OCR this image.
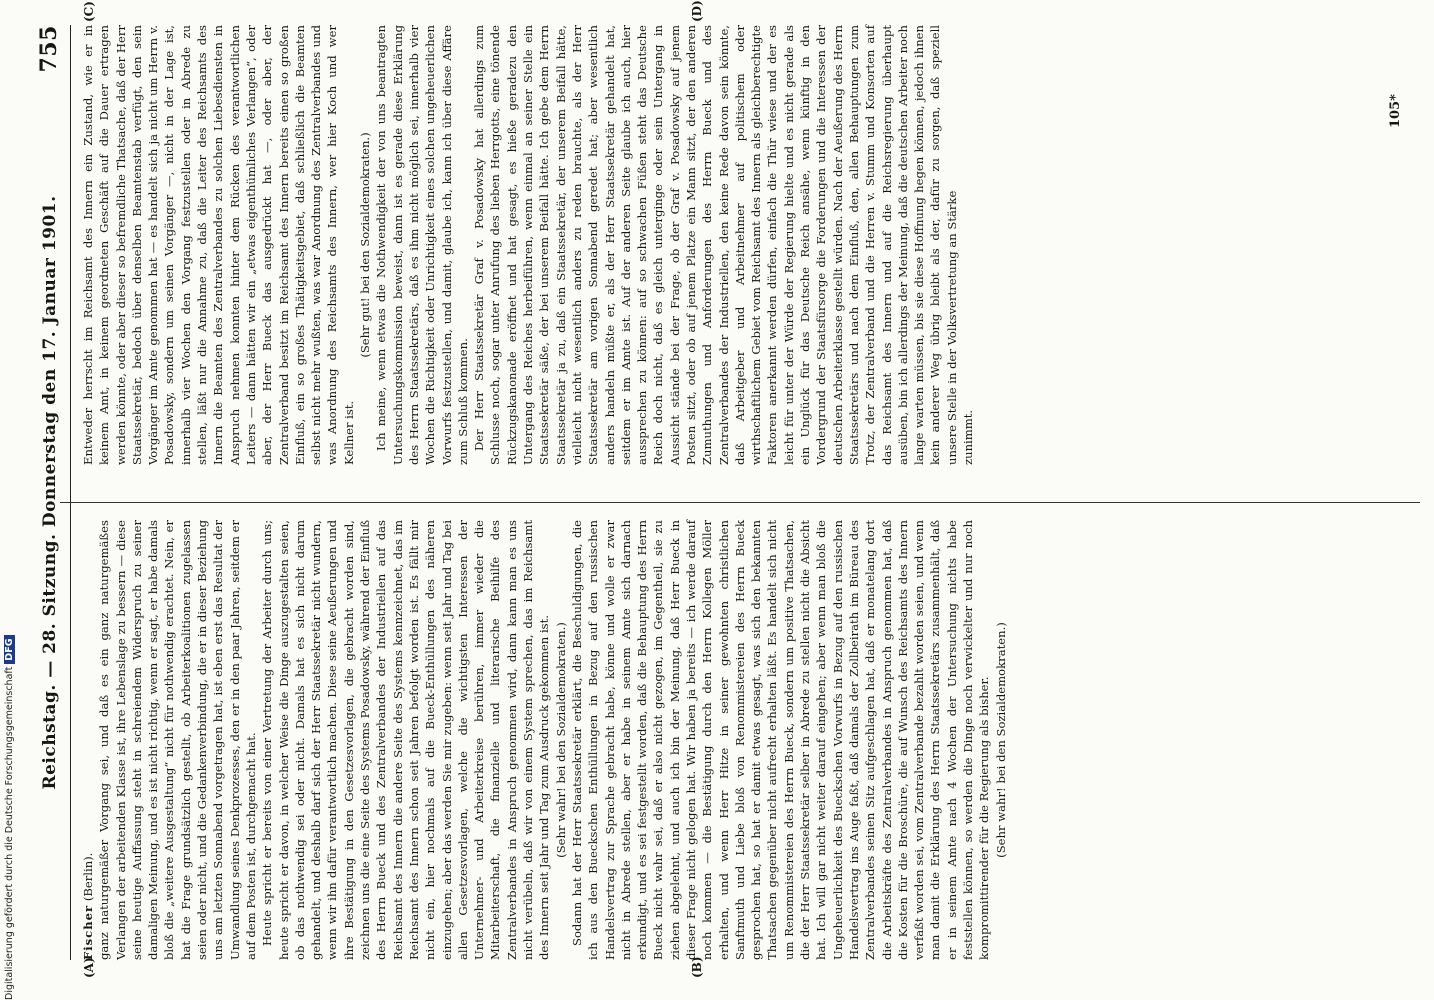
Reichstag. — 28. Sitzung. Donnerstag den 17. Januar 1901.
755
(A)	(B)
(C)	(D)

Fischer (Berlin). ganz naturgemäßer Vorgang sei, und daß es ein ganz naturgemäßes Verlangen der arbeitenden Klasse ist, ihre Lebenslage zu bessern — diese seine heutige Auffassung steht in schreiendem Widerspruch zu seiner damaligen Meinung, und es ist nicht richtig, wenn er sagt, er habe damals bloß die „weitere Ausgestaltung“ nicht für nothwendig erachtet. Nein, er hat die Frage grundsätzlich gestellt, ob Arbeiterkoalitionen zugelassen seien oder nicht, und die Gedankenverbindung, die er in dieser Beziehung uns am letzten Sonnabend vorgetragen hat, ist eben erst das Resultat der Umwandlung seines Denkprozesses, den er in den paar Jahren, seitdem er auf dem Posten ist, durchgemacht hat. Heute spricht er bereits von einer Vertretung der Arbeiter durch uns; heute spricht er davon, in welcher Weise die Dinge auszugestalten seien, ob das nothwendig sei oder nicht. Damals hat es sich nicht darum gehandelt, und deshalb darf sich der Herr Staatssekretär nicht wundern, wenn wir ihn dafür verantwortlich machen. Diese seine Aeußerungen und ihre Bestätigung in den Gesetzesvorlagen, die gebracht worden sind, zeichnen uns die eine Seite des Systems Posadowsky, während der Einfluß des Herrn Bueck und des Zentralverbandes der Industriellen auf das Reichsamt des Innern die andere Seite des Systems kennzeichnet, das im Reichsamt des Innern schon seit Jahren befolgt worden ist. Es fällt mir nicht ein, hier nochmals auf die Bueck-Enthüllungen des näheren einzugehen; aber das werden Sie mir zugeben: wenn seit Jahr und Tag bei allen Gesetzesvorlagen, welche die wichtigsten Interessen der Unternehmer- und Arbeiterkreise berühren, immer wieder die Mitarbeiterschaft, die finanzielle und literarische Beihilfe des Zentralverbandes in Anspruch genommen wird, dann kann man es uns nicht verübeln, daß wir von einem System sprechen, das im Reichsamt des Innern seit Jahr und Tag zum Ausdruck gekommen ist. (Sehr wahr! bei den Sozialdemokraten.) Sodann hat der Herr Staatssekretär erklärt, die Beschuldigungen, die ich aus den Bueckschen Enthüllungen in Bezug auf den russischen Handelsvertrag zur Sprache gebracht habe, könne und wolle er zwar nicht in Abrede stellen, aber er habe in seinem Amte sich darnach erkundigt, und es sei festgestellt worden, daß die Behauptung des Herrn Bueck nicht wahr sei, daß er also nicht gezogen, im Gegentheil, sie zu ziehen abgelehnt, und auch ich bin der Meinung, daß Herr Bueck in dieser Frage nicht gelogen hat. Wir haben ja bereits — ich werde darauf noch kommen — die Bestätigung durch den Herrn Kollegen Möller erhalten, und wenn Herr Hitze in seiner gewohnten christlichen Sanftmuth und Liebe bloß von Renommistereien des Herrn Bueck gesprochen hat, so hat er damit etwas gesagt, was sich den bekannten Thatsachen gegenüber nicht aufrecht erhalten läßt. Es handelt sich nicht um Renommistereien des Herrn Bueck, sondern um positive Thatsachen, die der Herr Staatssekretär selber in Abrede zu stellen nicht die Absicht hat. Ich will gar nicht weiter darauf eingehen; aber wenn man bloß die Ungeheuerlichkeit des Bueckschen Vorwurfs in Bezug auf den russischen Handelsvertrag ins Auge faßt, daß damals der Zollbeirath im Büreau des Zentralverbandes seinen Sitz aufgeschlagen hat, daß er monatelang dort die Arbeitskräfte des Zentralverbandes in Anspruch genommen hat, daß die Kosten für die Broschüre, die auf Wunsch des Reichsamts des Innern verfaßt worden sei, vom Zentralverbande bezahlt worden seien, und wenn man damit die Erklärung des Herrn Staatssekretärs zusammenhält, daß er in seinem Amte nach 4 Wochen der Untersuchung nichts habe feststellen können, so werden die Dinge noch verwickelter und nur noch kompromittirender für die Regierung als bisher. (Sehr wahr! bei den Sozialdemokraten.)

Entweder herrscht im Reichsamt des Innern ein Zustand, wie er in keinem Amt, in keinem geordneten Geschäft auf die Dauer ertragen werden könnte, oder aber dieser so befremdliche Thatsache, daß der Herr Staatssekretär, bedoch über denselben Beamtenstab verfügt, den sein Vorgänger im Amte genommen hat — es handelt sich ja nicht um Herrn v. Posadowsky, sondern um seinen Vorgänger —, nicht in der Lage ist, innerhalb vier Wochen den Vorgang festzustellen oder in Abrede zu stellen, läßt nur die Annahme zu, daß die Leiter des Reichsamts des Innern die Beamten des Zentralverbandes zu solchen Liebesdiensten in Anspruch nehmen konnten hinter dem Rücken des verantwortlichen Leiters — dann hätten wir ein „etwas eigenthümliches Verlangen“, oder aber, der Herr Bueck das ausgedrückt hat —, oder aber, der Zentralverband besitzt im Reichsamt des Innern bereits einen so großen Einfluß, ein so großes Thätigkeitsgebiet, daß schließlich die Beamten selbst nicht mehr wußten, was war Anordnung des Zentralverbandes und was Anordnung des Reichsamts des Innern, wer hier Koch und wer Kellner ist.

(Sehr gut! bei den Sozialdemokraten.) Ich meine, wenn etwas die Nothwendigkeit der von uns beantragten Untersuchungskommission beweist, dann ist es gerade diese Erklärung des Herrn Staatssekretärs, daß es ihm nicht möglich sei, innerhalb vier Wochen die Richtigkeit oder Unrichtigkeit eines solchen ungeheuerlichen Vorwurfs festzustellen, und damit, glaube ich, kann ich über diese Affäre zum Schluß kommen. Der Herr Staatssekretär Graf v. Posadowsky hat allerdings zum Schlusse noch, sogar unter Anrufung des lieben Herrgotts, eine tönende Rückzugskanonade eröffnet und hat gesagt, es hieße geradezu den Untergang des Reiches herbeiführen, wenn einmal an seiner Stelle ein Staatssekretär säße, der bei unserem Beifall hätte. Ich gebe dem Herrn Staatssekretär ja zu, daß ein Staatssekretär, der unserem Beifall hätte, vielleicht nicht wesentlich anders zu reden brauchte, als der Herr Staatssekretär am vorigen Sonnabend geredet hat; aber wesentlich anders handeln müßte er, als der Herr Staatssekretär gehandelt hat, seitdem er im Amte ist. Auf der anderen Seite glaube ich auch, hier aussprechen zu können: auf so schwachen Füßen steht das Deutsche Reich doch nicht, daß es gleich unterginge oder sein Untergang in Aussicht stände bei der Frage, ob der Graf v. Posadowsky auf jenem Posten sitzt, oder ob auf jenem Platze ein Mann sitzt, der den anderen Zumuthungen und Anforderungen des Herrn Bueck und des Zentralverbandes der Industriellen, den keine Rede davon sein könnte, daß Arbeitgeber und Arbeitnehmer auf politischem oder wirthschaftlichem Gebiet vom Reichsamt des Innern als gleichberechtigte Faktoren anerkannt werden dürfen, einfach die Thür wiese und der es leicht für unter der Würde der Regierung hielte und es nicht gerade als ein Unglück für das Deutsche Reich ansähe, wenn künftig in den Vordergrund der Staatsfürsorge die Forderungen und die Interessen der deutschen Arbeiterklasse gestellt würden. Nach der Aeußerung des Herrn Staatssekretärs und nach dem Einfluß, den, allen Behauptungen zum Trotz, der Zentralverband und die Herren v. Stumm und Konsorten auf das Reichsamt des Innern und auf die Reichsregierung überhaupt ausüben, bin ich allerdings der Meinung, daß die deutschen Arbeiter noch lange warten müssen, bis sie diese Hoffnung hegen können, jedoch ihnen kein anderer Weg übrig bleibt als der, dafür zu sorgen, daß speziell unsere Stelle in der Volksvertretung an Stärke zunimmt.

105*
Digitalisierung gefördert durch die Deutsche ForschungsgemeinschaftDFG
